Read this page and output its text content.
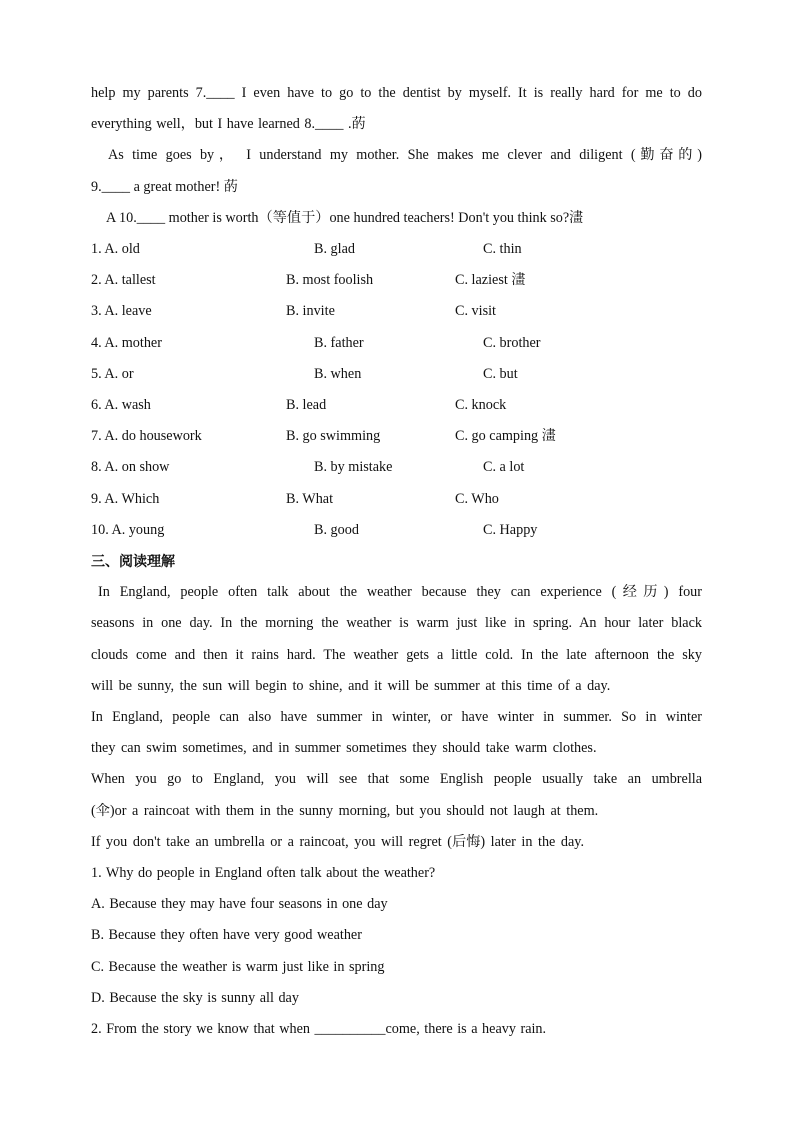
help my parents 7.____ I even have to go to the dentist by myself. It is really hard for me to do
everything well，but I have learned 8.____ .菂
As time goes by， I understand my mother. She makes me clever and diligent (勤奋的)
9.____ a great mother! 菂
A 10.____ mother is worth（等值于）one hundred teachers! Don't you think so?澅
1. A. old	B. glad	C. thin
2. A. tallest	B. most foolish	C. laziest 澅
3. A. leave	B. invite	C. visit
4. A. mother	B. father	C. brother
5. A. or	B. when	C. but
6. A. wash	B. lead	C. knock
7. A. do housework	B. go swimming	C. go camping 澅
8. A. on show	B. by mistake	C. a lot
9. A. Which	B. What	C. Who
10. A. young	B. good	C. Happy
三、阅读理解
In England, people often talk about the weather because they can experience (经历) four
seasons in one day. In the morning the weather is warm just like in spring. An hour later black
clouds come and then it rains hard. The weather gets a little cold. In the late afternoon the sky
will be sunny, the sun will begin to shine, and it will be summer at this time of a day.
In England, people can also have summer in winter, or have winter in summer. So in winter
they can swim sometimes, and in summer sometimes they should take warm clothes.
When you go to England, you will see that some English people usually take an umbrella
(伞)or a raincoat with them in the sunny morning, but you should not laugh at them.
If you don't take an umbrella or a raincoat, you will regret (后悔) later in the day.
1. Why do people in England often talk about the weather?
A. Because they may have four seasons in one day
B. Because they often have very good weather
C. Because the weather is warm just like in spring
D. Because the sky is sunny all day
2. From the story we know that when __________come, there is a heavy rain.
